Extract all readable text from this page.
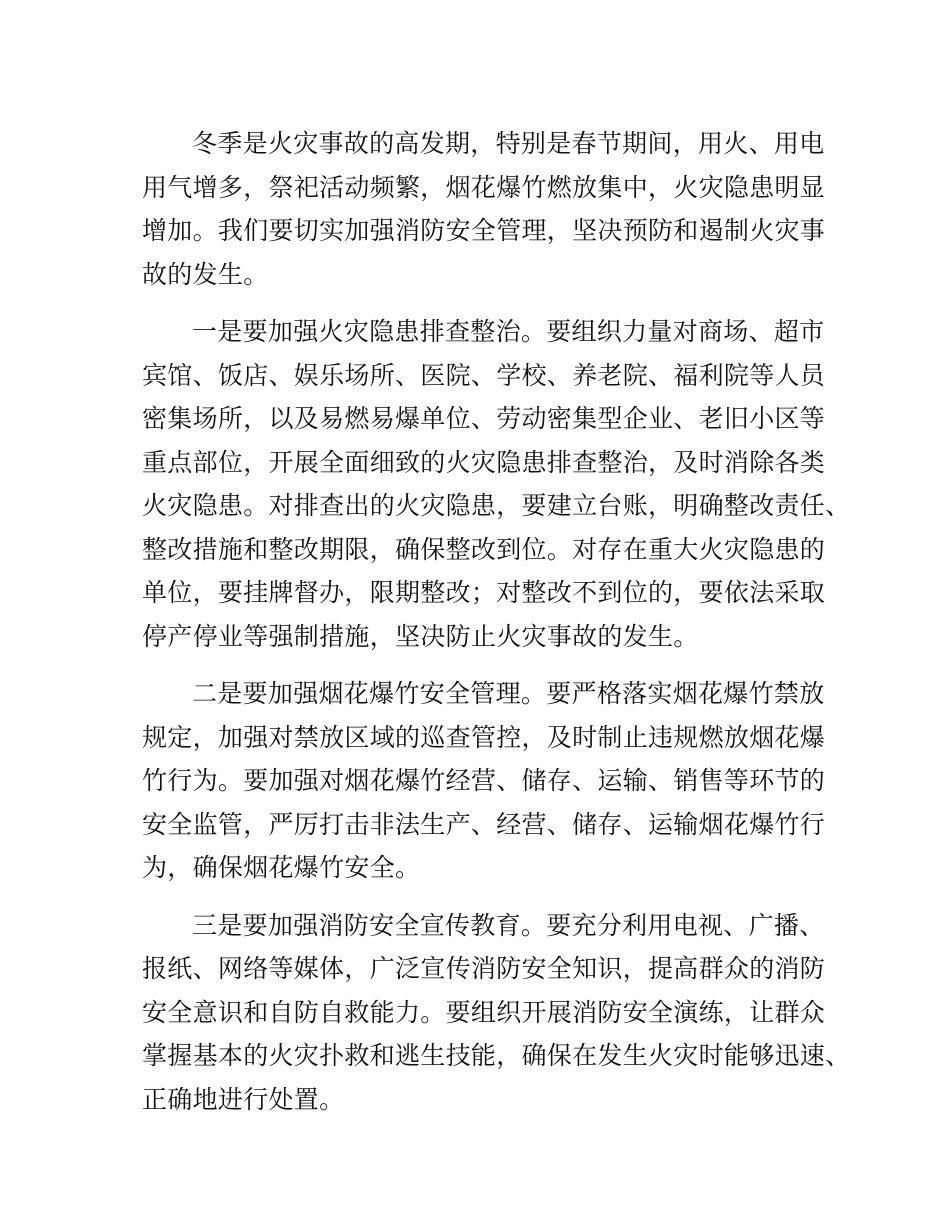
冬季是火灾事故的高发期，特别是春节期间，用火、用电
用气增多，祭祀活动频繁，烟花爆竹燃放集中，火灾隐患明显
增加。我们要切实加强消防安全管理，坚决预防和遏制火灾事
故的发生。

一是要加强火灾隐患排查整治。要组织力量对商场、超市
宾馆、饭店、娱乐场所、医院、学校、养老院、福利院等人员
密集场所，以及易燃易爆单位、劳动密集型企业、老旧小区等
重点部位，开展全面细致的火灾隐患排查整治，及时消除各类
火灾隐患。对排查出的火灾隐患，要建立台账，明确整改责任、
整改措施和整改期限，确保整改到位。对存在重大火灾隐患的
单位，要挂牌督办，限期整改；对整改不到位的，要依法采取
停产停业等强制措施，坚决防止火灾事故的发生。

二是要加强烟花爆竹安全管理。要严格落实烟花爆竹禁放
规定，加强对禁放区域的巡查管控，及时制止违规燃放烟花爆
竹行为。要加强对烟花爆竹经营、储存、运输、销售等环节的
安全监管，严厉打击非法生产、经营、储存、运输烟花爆竹行
为，确保烟花爆竹安全。

三是要加强消防安全宣传教育。要充分利用电视、广播、
报纸、网络等媒体，广泛宣传消防安全知识，提高群众的消防
安全意识和自防自救能力。要组织开展消防安全演练，让群众
掌握基本的火灾扑救和逃生技能，确保在发生火灾时能够迅速、
正确地进行处置。
